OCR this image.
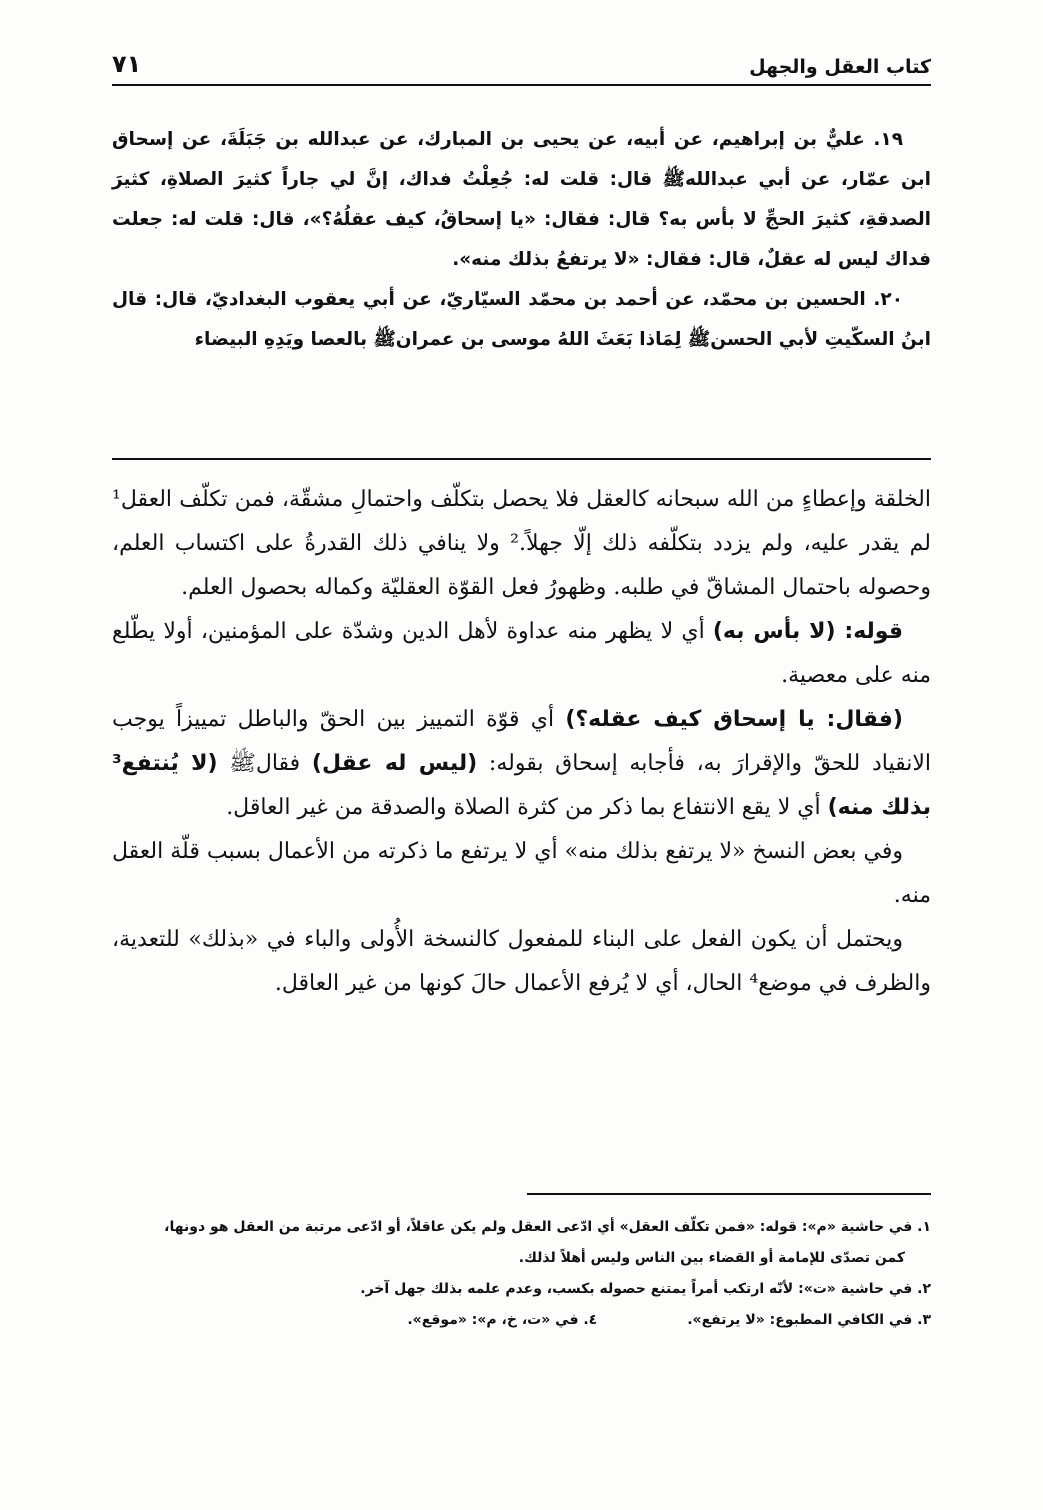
كتاب العقل والجهل
٧١

١٩. عليٌّ بن إبراهيم، عن أبيه، عن يحيى بن المبارك، عن عبدالله بن جَبَلَةَ، عن إسحاق ابن عمّار، عن أبي عبداللهﷺ قال: قلت له: جُعِلْتُ فداك، إنَّ لي جاراً كثيرَ الصلاةِ، كثيرَ الصدقةِ، كثيرَ الحجِّ لا بأس به؟ قال: فقال: «يا إسحاقُ، كيف عقلُهُ؟»، قال: قلت له: جعلت فداك ليس له عقلٌ، قال: فقال: «لا يرتفعُ بذلك منه».

٢٠. الحسين بن محمّد، عن أحمد بن محمّد السيّاريّ، عن أبي يعقوب البغداديّ، قال: قال ابنُ السكّيتِ لأبي الحسنﷺ لِمَاذا بَعَثَ اللهُ موسى بن عمرانﷺ بالعصا ويَدِهِ البيضاء

الخلقة وإعطاءٍ من الله سبحانه كالعقل فلا يحصل بتكلّف واحتمالِ مشقّة، فمن تكلّف العقل¹ لم يقدر عليه، ولم يزدد بتكلّفه ذلك إلّا جهلاً.² ولا ينافي ذلك القدرةُ على اكتساب العلم، وحصوله باحتمال المشاقّ في طلبه. وظهورُ فعل القوّة العقليّة وكماله بحصول العلم.

قوله: (لا بأس به) أي لا يظهر منه عداوة لأهل الدين وشدّة على المؤمنين، أولا يطّلع منه على معصية.

(فقال: يا إسحاق كيف عقله؟) أي قوّة التمييز بين الحقّ والباطل تمييزاً يوجب الانقياد للحقّ والإقرارَ به، فأجابه إسحاق بقوله: (ليس له عقل) فقالﷺ (لا يُنتفع³ بذلك منه) أي لا يقع الانتفاع بما ذكر من كثرة الصلاة والصدقة من غير العاقل.

وفي بعض النسخ «لا يرتفع بذلك منه» أي لا يرتفع ما ذكرته من الأعمال بسبب قلّة العقل منه.

ويحتمل أن يكون الفعل على البناء للمفعول كالنسخة الأُولى والباء في «بذلك» للتعدية، والظرف في موضع⁴ الحال، أي لا يُرفع الأعمال حالَ كونها من غير العاقل.

١. في حاشية «م»: قوله: «فمن تكلّف العقل» أي ادّعى العقل ولم يكن عاقلاً، أو ادّعى مرتبة من العقل هو دونها،

كمن تصدّى للإمامة أو القضاء بين الناس وليس أهلاً لذلك.

٢. في حاشية «ت»: لأنّه ارتكب أمراً يمتنع حصوله بكسب، وعدم علمه بذلك جهل آخر.

٣. في الكافي المطبوع: «لا يرتفع».
٤. في «ت، خ، م»: «موقع».
